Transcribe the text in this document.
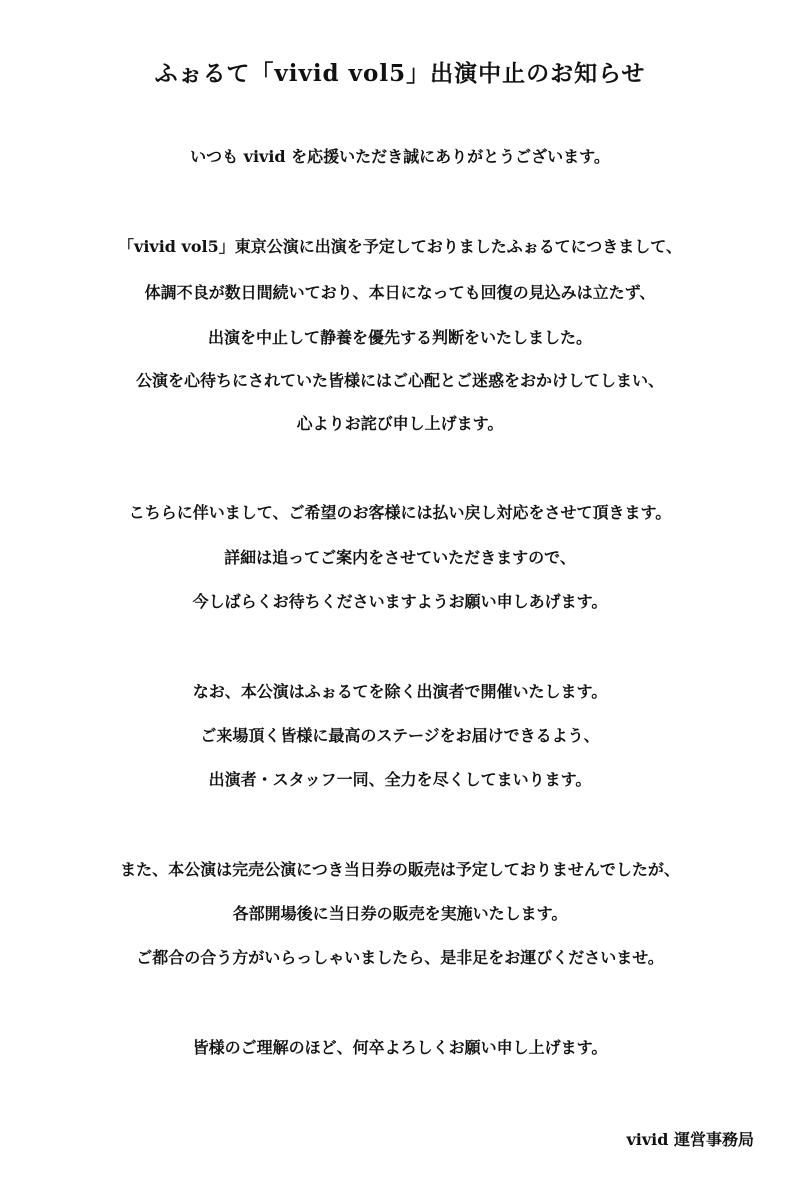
ふぉるて「vivid vol5」出演中止のお知らせ
いつも vivid を応援いただき誠にありがとうございます。
「vivid vol5」東京公演に出演を予定しておりましたふぉるてにつきまして、
体調不良が数日間続いており、本日になっても回復の見込みは立たず、
出演を中止して静養を優先する判断をいたしました。
公演を心待ちにされていた皆様にはご心配とご迷惑をおかけしてしまい、
心よりお詫び申し上げます。
こちらに伴いまして、ご希望のお客様には払い戻し対応をさせて頂きます。
詳細は追ってご案内をさせていただきますので、
今しばらくお待ちくださいますようお願い申しあげます。
なお、本公演はふぉるてを除く出演者で開催いたします。
ご来場頂く皆様に最高のステージをお届けできるよう、
出演者・スタッフ一同、全力を尽くしてまいります。
また、本公演は完売公演につき当日券の販売は予定しておりませんでしたが、
各部開場後に当日券の販売を実施いたします。
ご都合の合う方がいらっしゃいましたら、是非足をお運びくださいませ。
皆様のご理解のほど、何卒よろしくお願い申し上げます。
vivid 運営事務局
